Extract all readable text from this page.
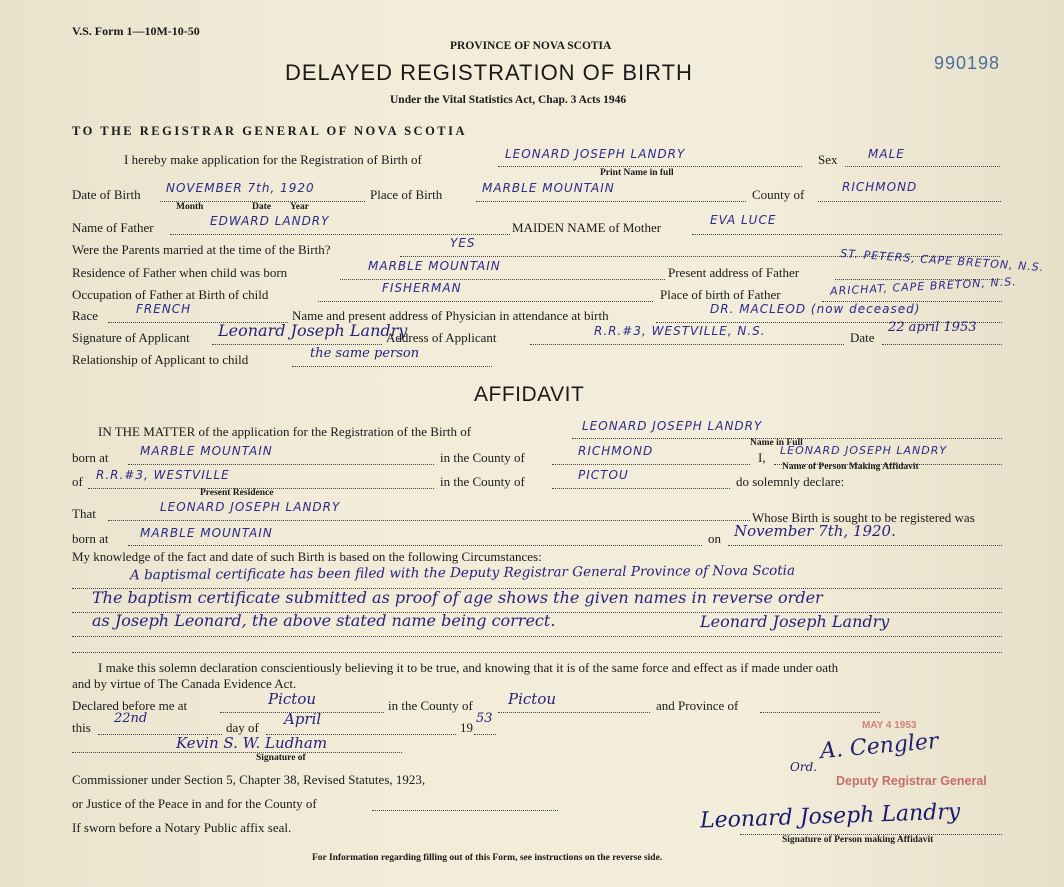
V.S. Form 1—10M-10-50
PROVINCE OF NOVA SCOTIA
DELAYED REGISTRATION OF BIRTH
Under the Vital Statistics Act, Chap. 3 Acts 1946
990198
TO THE REGISTRAR GENERAL OF NOVA SCOTIA
I hereby make application for the Registration of Birth of	LEONARD JOSEPH LANDRY
Print Name in full
Sex	MALE
Date of Birth NOVEMBER 7th, 1920
Month	Date Year
Place of Birth	MARBLE MOUNTAIN	County of	RICHMOND
Name of Father	EDWARD LANDRY	MAIDEN NAME of Mother	EVA LUCE
Were the Parents married at the time of the Birth?	YES
Residence of Father when child was born	MARBLE MOUNTAIN	Present address of Father	ST. PETERS, CAPE BRETON, N.S.
Occupation of Father at Birth of child	FISHERMAN	Place of birth of Father	ARICHAT, CAPE BRETON, N.S.
Race	FRENCH	Name and present address of Physician in attendance at birth	DR. MACLEOD (now deceased)
Signature of Applicant Leonard Joseph Landry
Address of Applicant	R.R.#3, WESTVILLE, N.S.	Date
22 april 1953
Relationship of Applicant to child	the same person
AFFIDAVIT
IN THE MATTER of the application for the Registration of the Birth of	LEONARD JOSEPH LANDRY
Name in Full
born at	MARBLE MOUNTAIN	in the County of	RICHMOND	I, LEONARD JOSEPH LANDRY
Name of Person Making Affidavit
of R.R.#3, WESTVILLE
Present Residence
in the County of	PICTOU	do solemnly declare:
That	LEONARD JOSEPH LANDRY
Whose Birth is sought to be registered was
born at	MARBLE MOUNTAIN	on November 7th, 1920.
My knowledge of the fact and date of such Birth is based on the following Circumstances:
A baptismal certificate has been filed with the Deputy Registrar General Province of Nova Scotia
The baptism certificate submitted as proof of age shows the given names in reverse order
as Joseph Leonard, the above stated name being correct.	Leonard Joseph Landry
I make this solemn declaration conscientiously believing it to be true, and knowing that it is of the same force and effect as if made under oath
and by virtue of The Canada Evidence Act.
Declared before me at	Pictou	in the County of Pictou	and Province of
this
22nd
day of April	19
53
Kevin S. W. Ludham
Signature of
Commissioner under Section 5, Chapter 38, Revised Statutes, 1923,
or Justice of the Peace in and for the County of
If sworn before a Notary Public affix seal.
MAY 4 1953
A. Cengler
Ord.
Deputy Registrar General
Leonard Joseph Landry
Signature of Person making Affidavit
For Information regarding filling out of this Form, see instructions on the reverse side.
